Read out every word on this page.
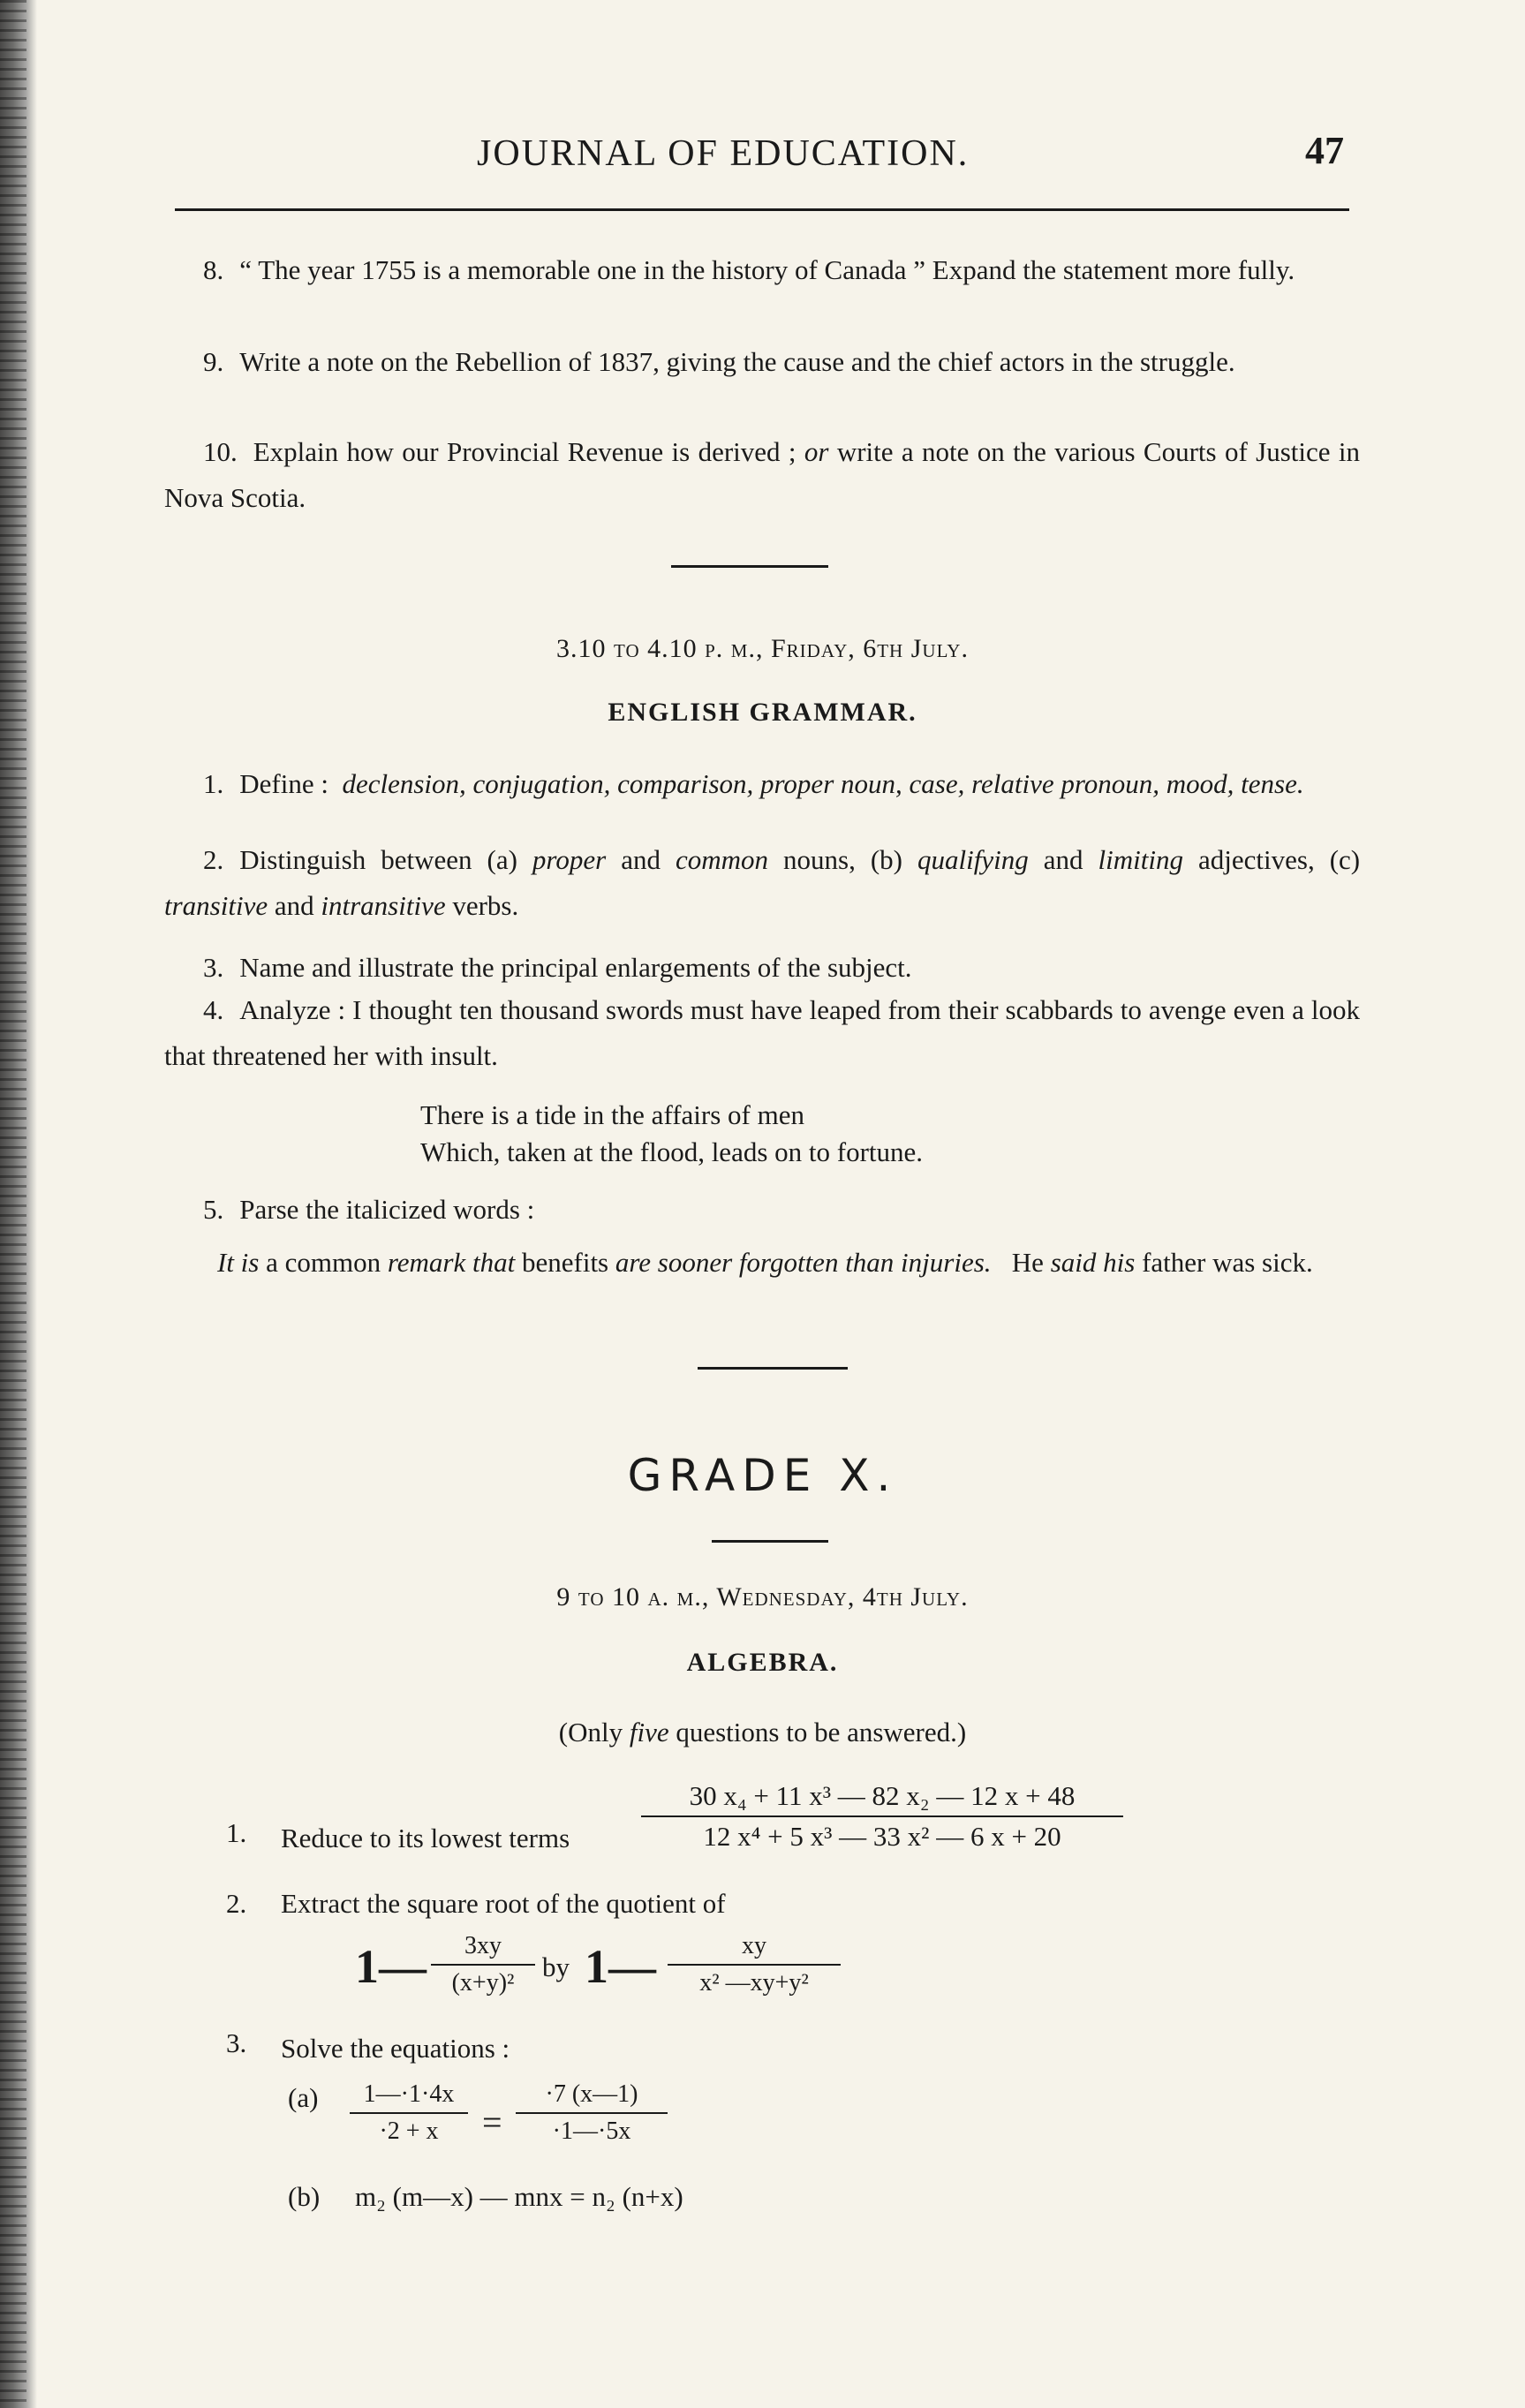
JOURNAL OF EDUCATION.	47
8. “ The year 1755 is a memorable one in the history of Canada ” Expand the statement more fully.
9. Write a note on the Rebellion of 1837, giving the cause and the chief actors in the struggle.
10. Explain how our Provincial Revenue is derived ; or write a note on the various Courts of Justice in Nova Scotia.
3.10 to 4.10 p. m., Friday, 6th July.
ENGLISH GRAMMAR.
1. Define : declension, conjugation, comparison, proper noun, case, relative pronoun, mood, tense.
2. Distinguish between (a) proper and common nouns, (b) qualifying and limiting adjectives, (c) transitive and intransitive verbs.
3. Name and illustrate the principal enlargements of the subject.
4. Analyze : I thought ten thousand swords must have leaped from their scabbards to avenge even a look that threatened her with insult.
There is a tide in the affairs of men
Which, taken at the flood, leads on to fortune.
5. Parse the italicized words :
It is a common remark that benefits are sooner forgotten than injuries. He said his father was sick.
GRADE X.
9 to 10 a. m., Wednesday, 4th July.
ALGEBRA.
(Only five questions to be answered.)
1. Reduce to its lowest terms
30 x₄ + 11 x³ — 82 x₂ — 12 x + 48
12 x⁴ + 5 x³ — 33 x² — 6 x + 20
2. Extract the square root of the quotient of
1—	3xy
(x+y)²
by 1—	xy
x² —xy+y²
3. Solve the equations :
(a)	1—·1·4x
·2 + x	=
·7 (x—1)
·1—·5x
(b) m₂ (m—x) — mnx = n₂ (n+x)
